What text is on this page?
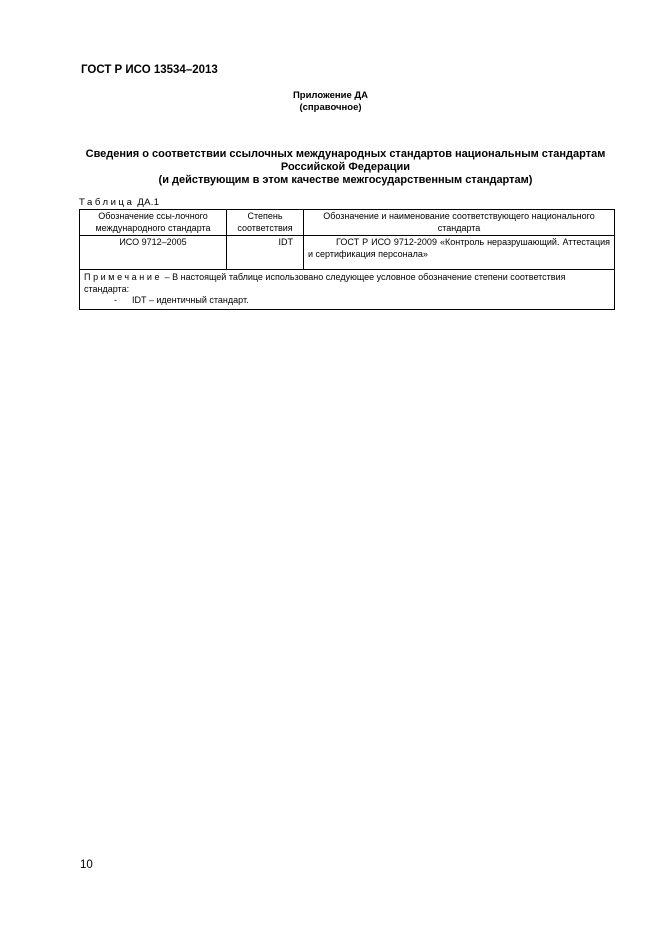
ГОСТ Р ИСО 13534–2013
Приложение ДА
(справочное)
Сведения о соответствии ссылочных международных стандартов национальным стандартам
Российской Федерации
(и действующим в этом качестве межгосударственным стандартам)
Таблица ДА.1
Обозначение ссы-лочного международного стандарта	Степень соответствия	Обозначение и наименование соответствующего национального стандарта
ИСО 9712–2005	IDT	ГОСТ Р ИСО 9712-2009 «Контроль неразрушающий. Аттестация и сертификация персонала»

Примечание – В настоящей таблице использовано следующее условное обозначение степени соответствия стандарта:
- IDT – идентичный стандарт.		
10
